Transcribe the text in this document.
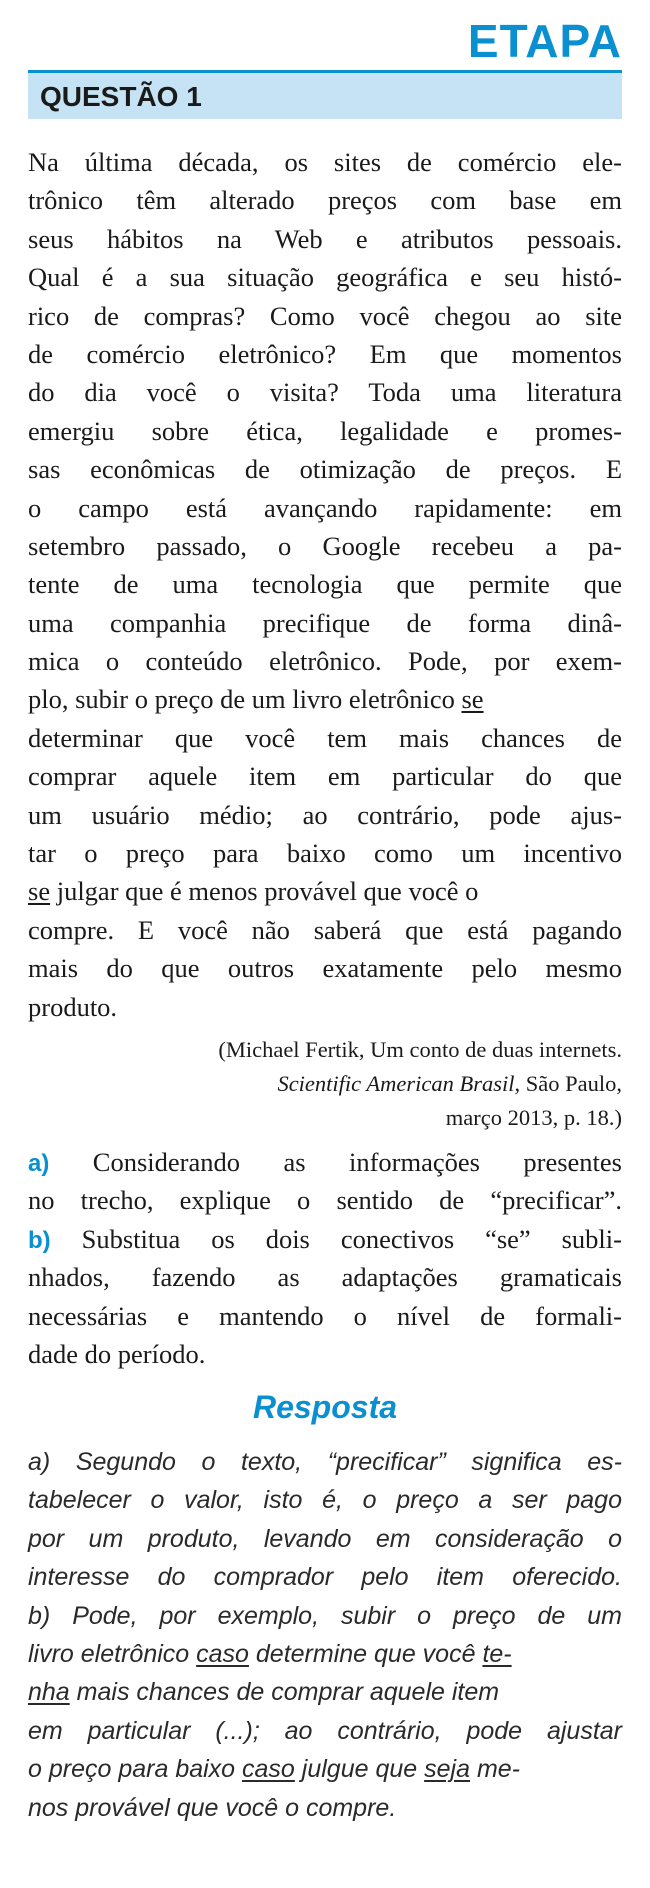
ETAPA
QUESTÃO 1
Na última década, os sites de comércio ele-
trônico têm alterado preços com base em
seus hábitos na Web e atributos pessoais.
Qual é a sua situação geográfica e seu histó-
rico de compras? Como você chegou ao site
de comércio eletrônico? Em que momentos
do dia você o visita? Toda uma literatura
emergiu sobre ética, legalidade e promes-
sas econômicas de otimização de preços. E
o campo está avançando rapidamente: em
setembro passado, o Google recebeu a pa-
tente de uma tecnologia que permite que
uma companhia precifique de forma dinâ-
mica o conteúdo eletrônico. Pode, por exem-
plo, subir o preço de um livro eletrônico se
determinar que você tem mais chances de
comprar aquele item em particular do que
um usuário médio; ao contrário, pode ajus-
tar o preço para baixo como um incentivo
se julgar que é menos provável que você o
compre. E você não saberá que está pagando
mais do que outros exatamente pelo mesmo
produto.
(Michael Fertik, Um conto de duas internets.
Scientific American Brasil, São Paulo,
março 2013, p. 18.)
a) Considerando as informações presentes
no trecho, explique o sentido de “precificar”.
b) Substitua os dois conectivos “se” subli-
nhados, fazendo as adaptações gramaticais
necessárias e mantendo o nível de formali-
dade do período.
Resposta
a) Segundo o texto, “precificar” significa es-
tabelecer o valor, isto é, o preço a ser pago
por um produto, levando em consideração o
interesse do comprador pelo item oferecido.
b) Pode, por exemplo, subir o preço de um
livro eletrônico caso determine que você te-
nha mais chances de comprar aquele item
em particular (...); ao contrário, pode ajustar
o preço para baixo caso julgue que seja me-
nos provável que você o compre.
